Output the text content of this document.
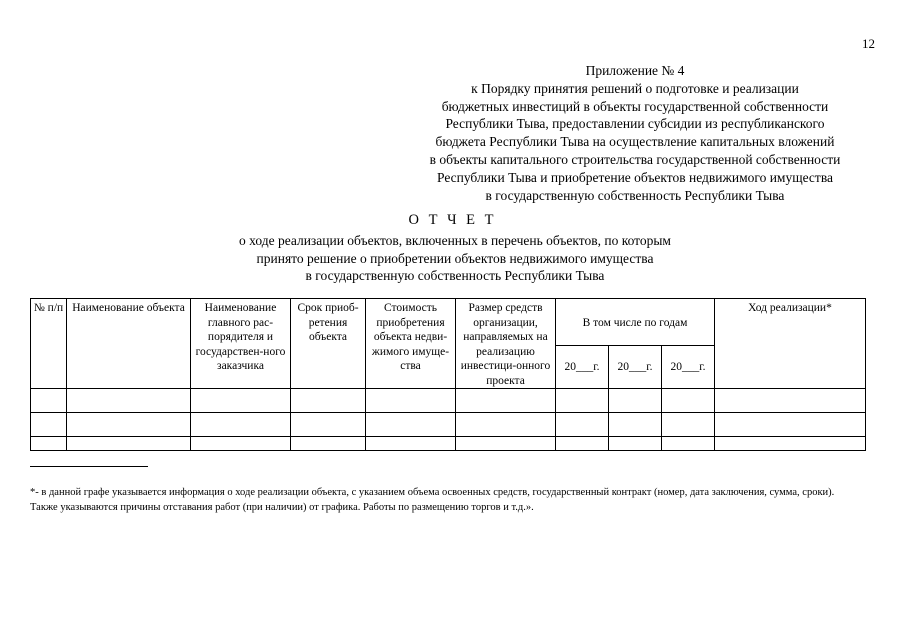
12
Приложение № 4
к Порядку принятия решений о подготовке и реализации
бюджетных инвестиций в объекты государственной собственности
Республики Тыва, предоставлении субсидии из республиканского
бюджета Республики Тыва на осуществление капитальных вложений
в объекты капитального строительства государственной собственности
Республики Тыва и приобретение объектов недвижимого имущества
в государственную собственность Республики Тыва
О Т Ч Е Т
о ходе реализации объектов, включенных в перечень объектов, по которым
принято решение о приобретении объектов недвижимого имущества
в государственную собственность Республики Тыва
№ п/п	Наименование объекта	Наименование главного рас-порядителя и государствен-ного заказчика	Срок приоб-ретения объекта	Стоимость приобретения объекта недви-жимого имуще-ства	Размер средств организации, направляемых на реализацию инвестици-онного проекта	В том числе по годам			Ход реализации*
						20___г.	20___г.	20___г.	

*- в данной графе указывается информация о ходе реализации объекта, с указанием объема освоенных средств, государственный контракт (номер, дата заключения, сумма, сроки).
Также указываются причины отставания работ (при наличии) от графика. Работы по размещению торгов и т.д.».
